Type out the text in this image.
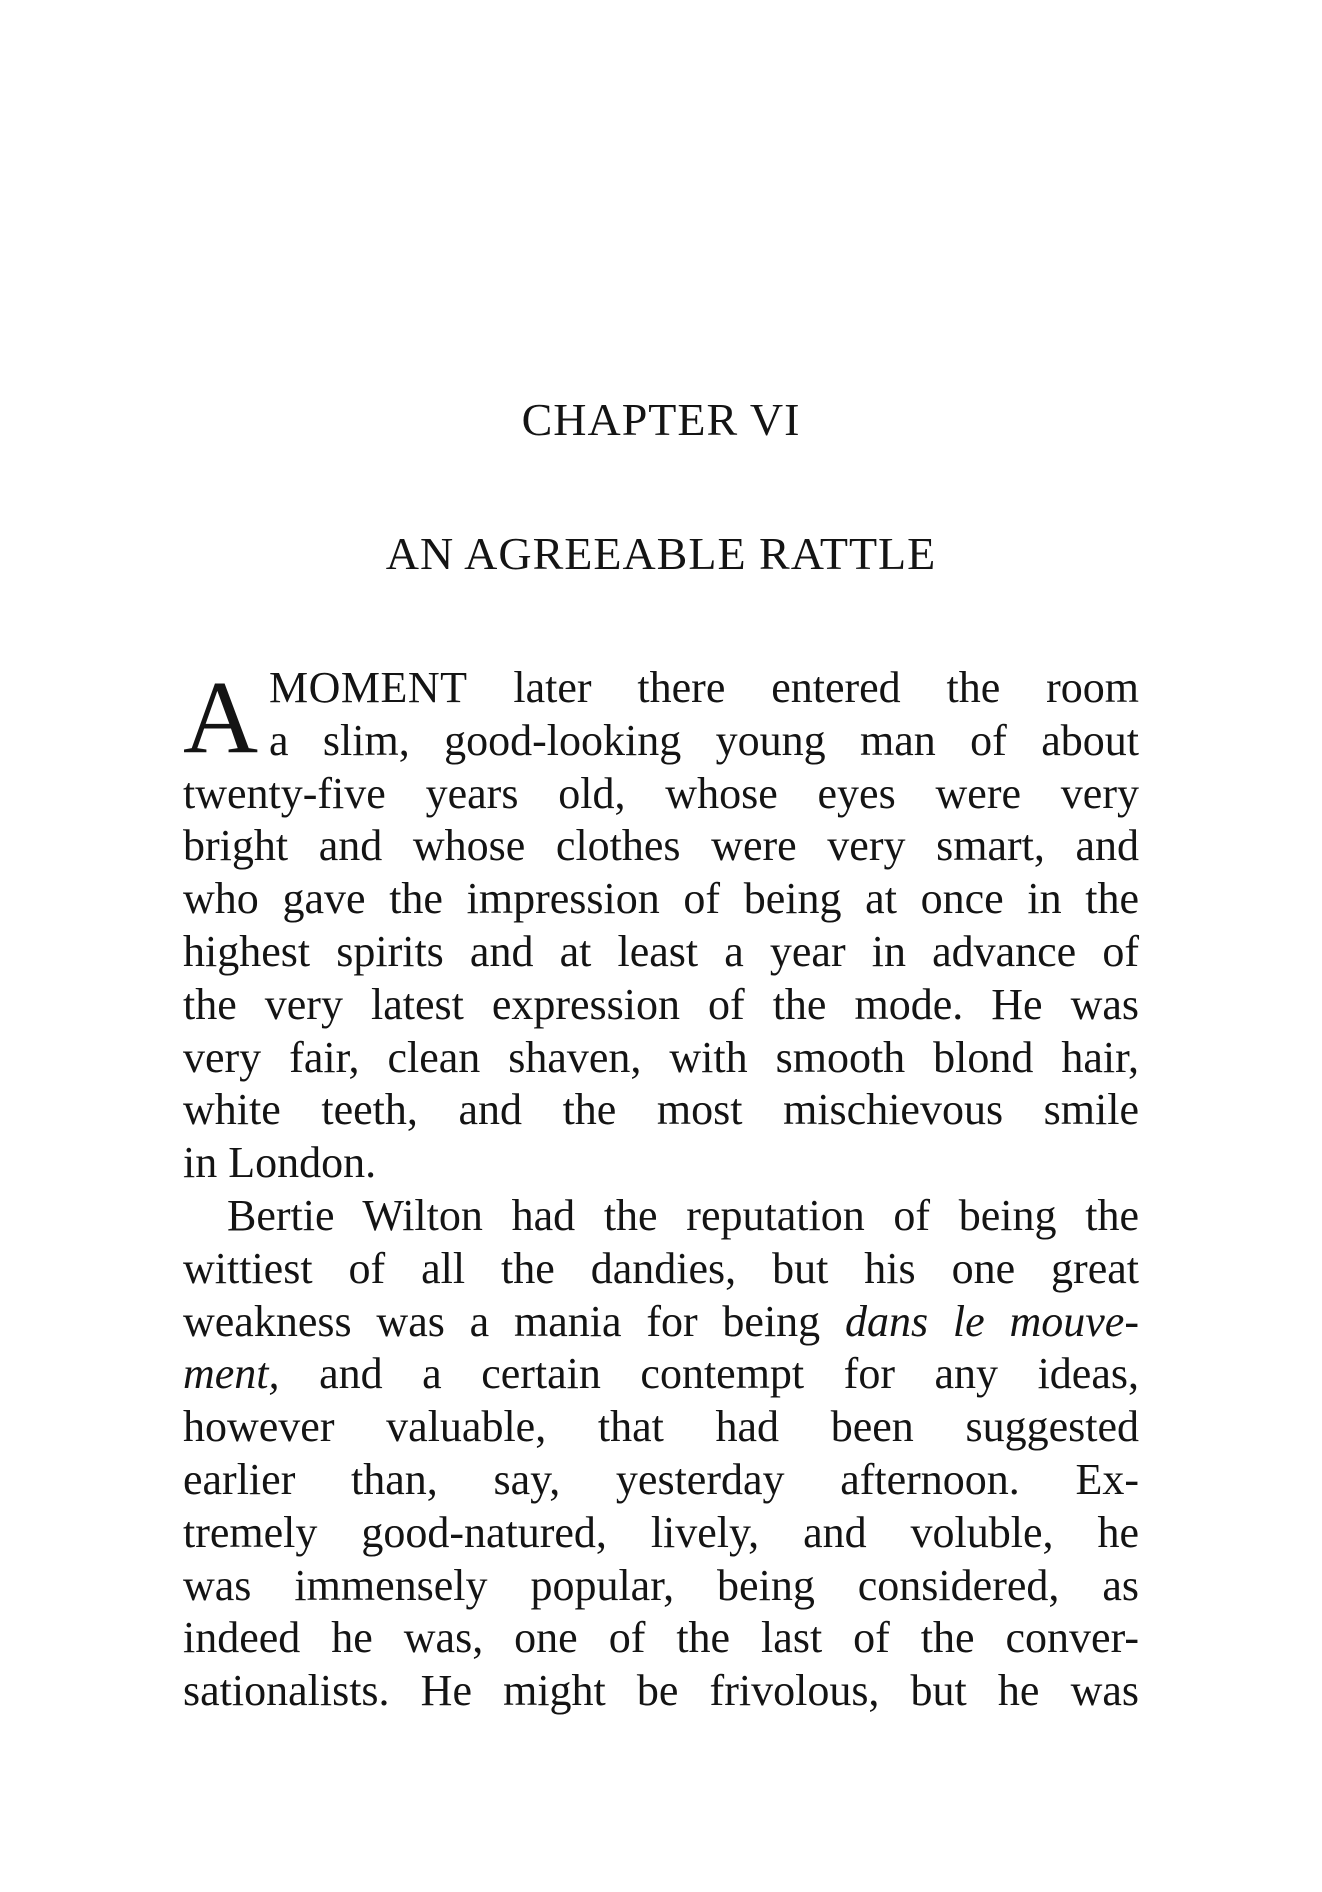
CHAPTER VI
AN AGREEABLE RATTLE
A MOMENT later there entered the room
a slim, good-looking young man of about
twenty-five years old, whose eyes were very
bright and whose clothes were very smart, and
who gave the impression of being at once in the
highest spirits and at least a year in advance of
the very latest expression of the mode. He was
very fair, clean shaven, with smooth blond hair,
white teeth, and the most mischievous smile
in London.
Bertie Wilton had the reputation of being the
wittiest of all the dandies, but his one great
weakness was a mania for being dans le mouve-
ment, and a certain contempt for any ideas,
however valuable, that had been suggested
earlier than, say, yesterday afternoon. Ex-
tremely good-natured, lively, and voluble, he
was immensely popular, being considered, as
indeed he was, one of the last of the conver-
sationalists. He might be frivolous, but he was
